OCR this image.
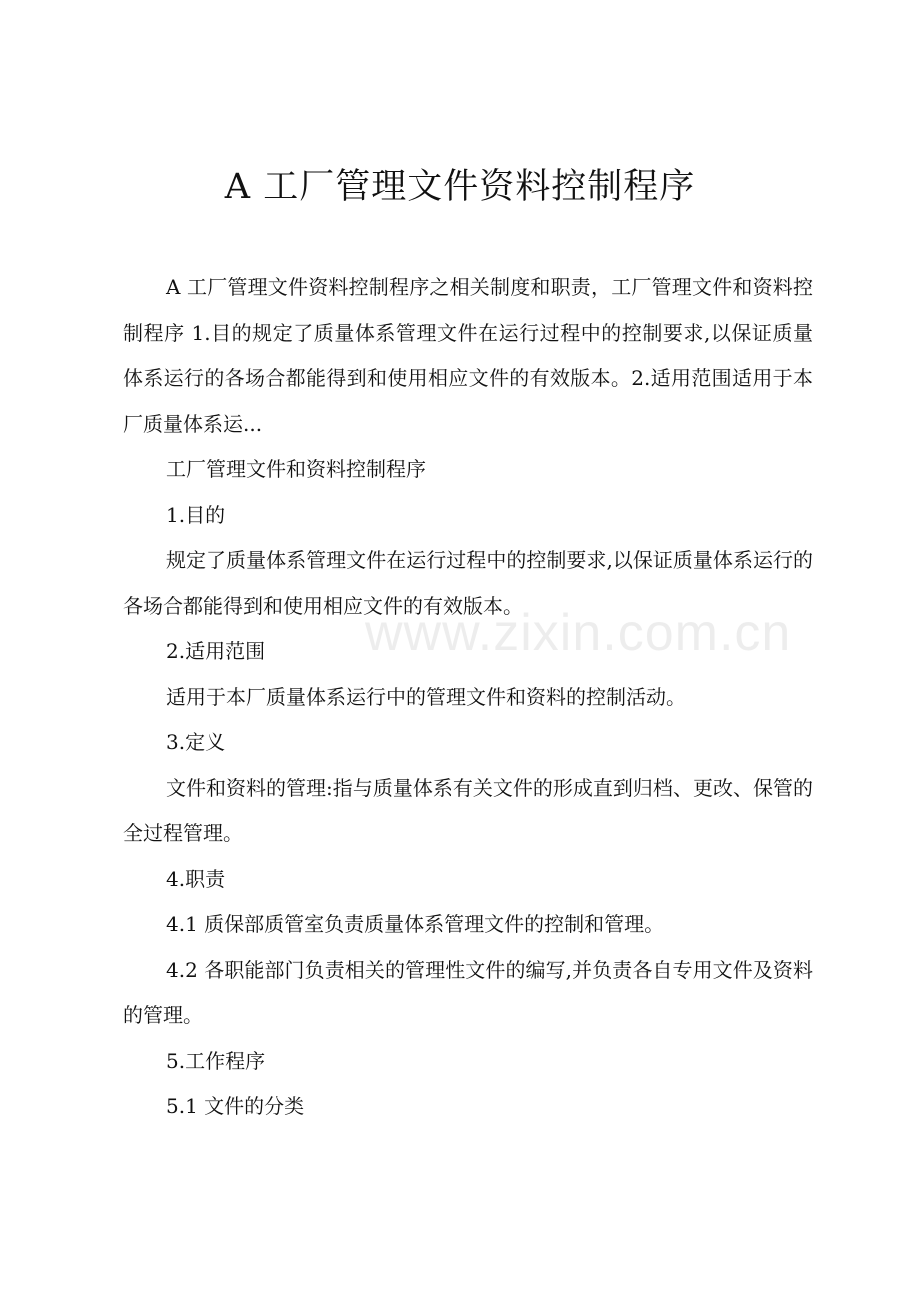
A 工厂管理文件资料控制程序
www.zixin.com.cn

A 工厂管理文件资料控制程序之相关制度和职责，工厂管理文件和资料控制程序 1.目的规定了质量体系管理文件在运行过程中的控制要求,以保证质量体系运行的各场合都能得到和使用相应文件的有效版本。2.适用范围适用于本厂质量体系运...

工厂管理文件和资料控制程序

1.目的

规定了质量体系管理文件在运行过程中的控制要求,以保证质量体系运行的各场合都能得到和使用相应文件的有效版本。

2.适用范围

适用于本厂质量体系运行中的管理文件和资料的控制活动。

3.定义

文件和资料的管理:指与质量体系有关文件的形成直到归档、更改、保管的全过程管理。

4.职责

4.1 质保部质管室负责质量体系管理文件的控制和管理。

4.2 各职能部门负责相关的管理性文件的编写,并负责各自专用文件及资料的管理。

5.工作程序

5.1 文件的分类
